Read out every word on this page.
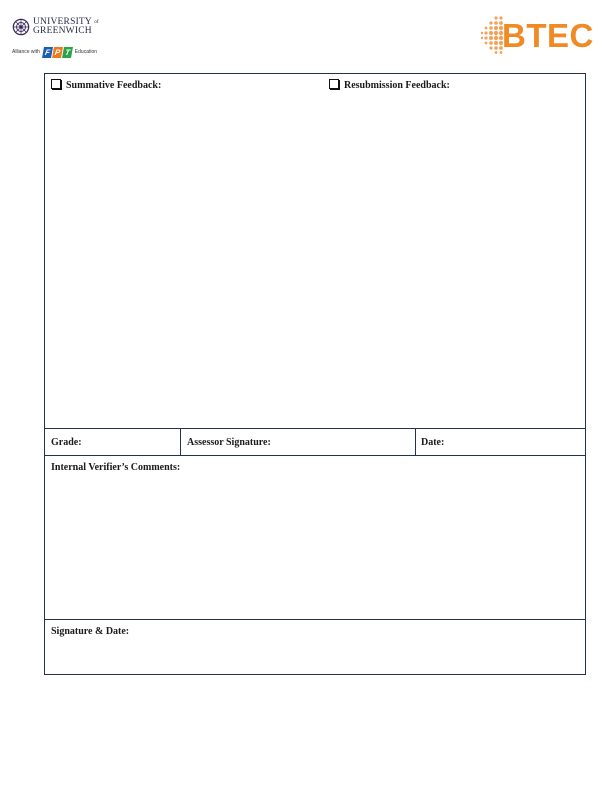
UNIVERSITY $^{of}$
GREENWICH
Alliance with F P T Education	BTEC
Summative Feedback:	Resubmission Feedback:
Grade:	Assessor Signature:	Date:
Internal Verifier’s Comments:
Signature & Date:
